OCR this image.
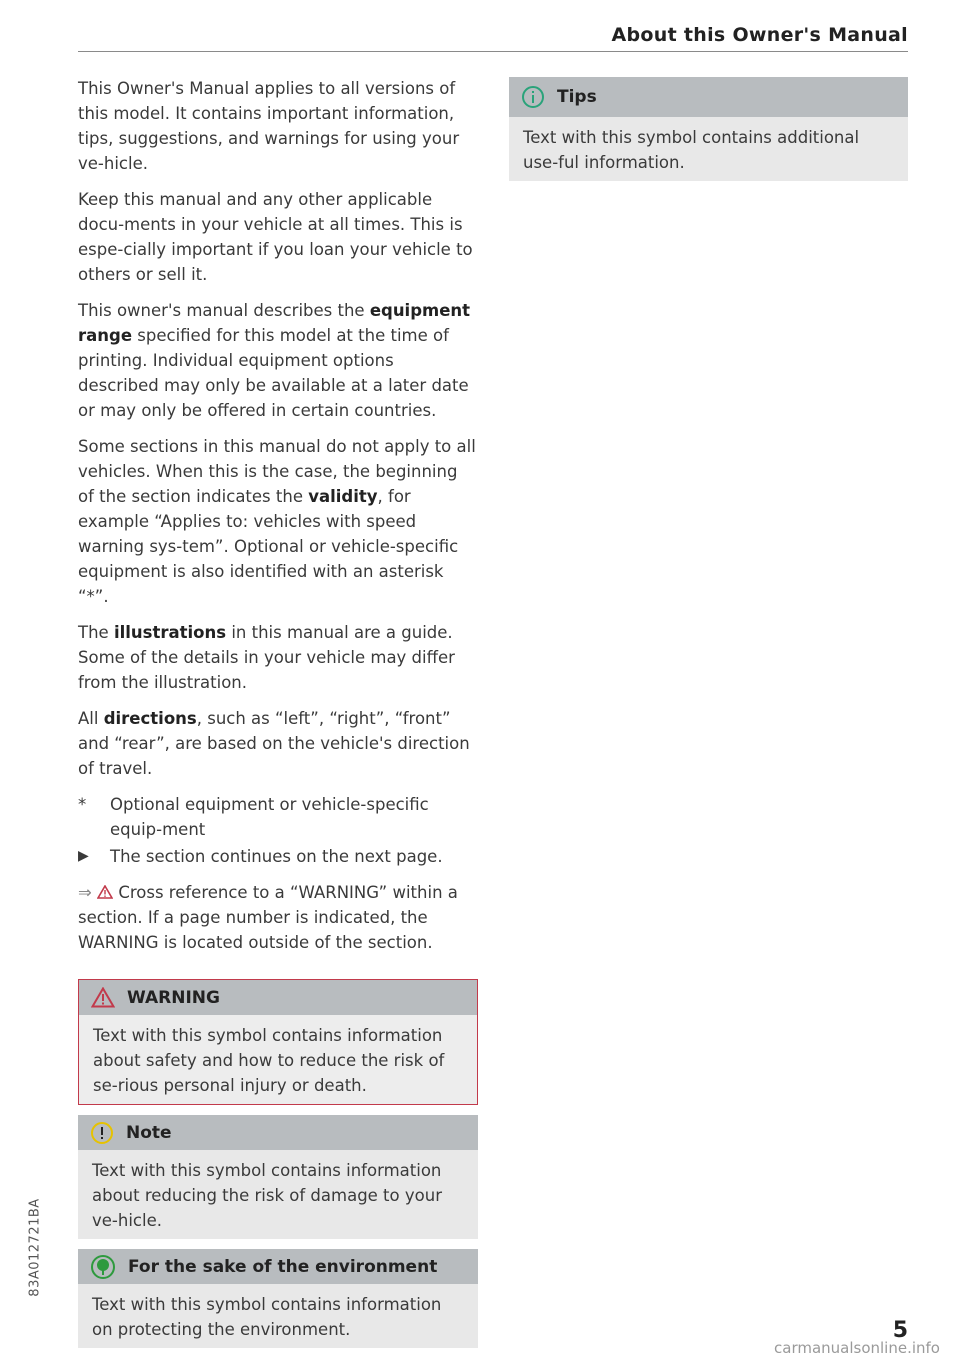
About this Owner's Manual

This Owner's Manual applies to all versions of this model. It contains important information, tips, suggestions, and warnings for using your ve-hicle.

Keep this manual and any other applicable docu-ments in your vehicle at all times. This is espe-cially important if you loan your vehicle to others or sell it.

This owner's manual describes the equipment range specified for this model at the time of printing. Individual equipment options described may only be available at a later date or may only be offered in certain countries.

Some sections in this manual do not apply to all vehicles. When this is the case, the beginning of the section indicates the validity, for example “Applies to: vehicles with speed warning sys-tem”. Optional or vehicle-specific equipment is also identified with an asterisk “*”.

The illustrations in this manual are a guide. Some of the details in your vehicle may differ from the illustration.

All directions, such as “left”, “right”, “front” and “rear”, are based on the vehicle's direction of travel.

*	Optional equipment or vehicle-specific equip-ment
▶	The section continues on the next page.

⇒  Cross reference to a “WARNING” within a section. If a page number is indicated, the WARNING is located outside of the section.

WARNING
Text with this symbol contains information about safety and how to reduce the risk of se-rious personal injury or death.
Note
Text with this symbol contains information about reducing the risk of damage to your ve-hicle.
For the sake of the environment
Text with this symbol contains information on protecting the environment.
Tips
Text with this symbol contains additional use-ful information.
83A012721BA
5
carmanualsonline.info
